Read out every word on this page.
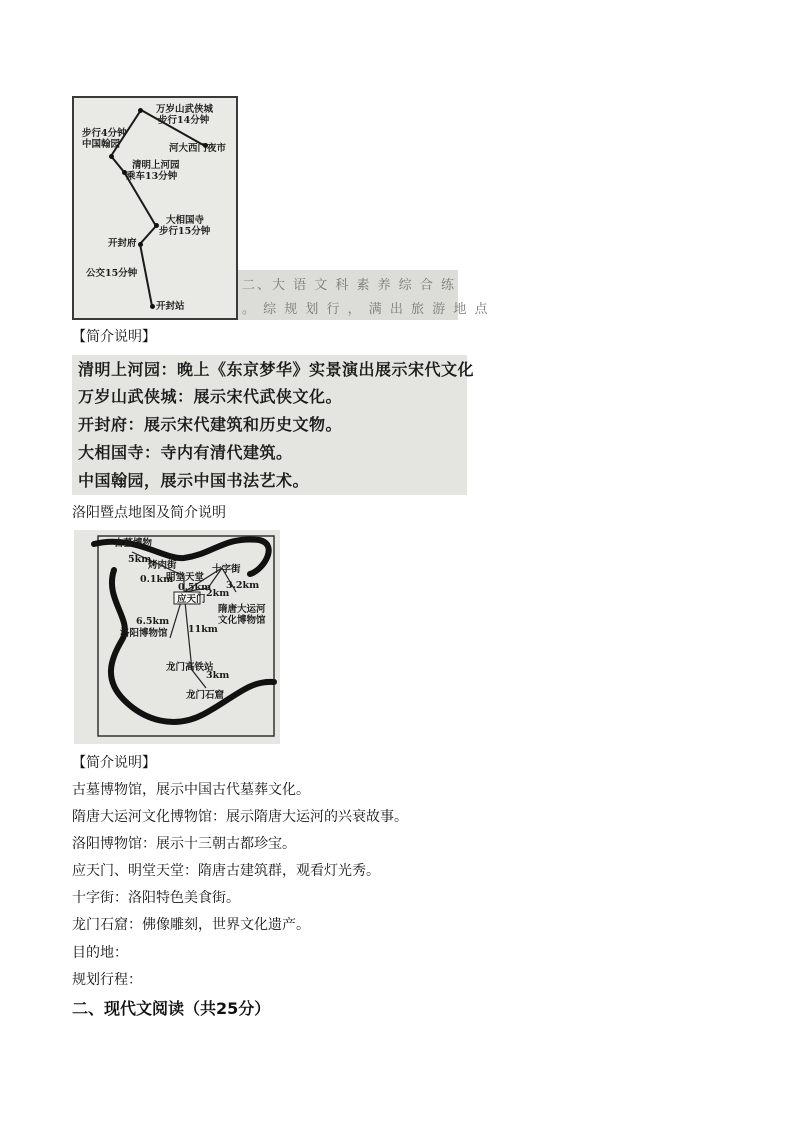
万岁山武侠城
步行14分钟
步行4分钟
中国翰园	河大西门夜市
清明上河园
乘车13分钟
大相国寺
步行15分钟
开封府
公交15分钟
开封站
二、大 语 文 科 素 养 综 合 练
。 综 规 划 行 ， 满 出 旅 游 地 点
【简介说明】
清明上河园：晚上《东京梦华》实景演出展示宋代文化
万岁山武侠城：展示宋代武侠文化。
开封府：展示宋代建筑和历史文物。
大相国寺：寺内有清代建筑。
中国翰园，展示中国书法艺术。
洛阳暨点地图及简介说明
古墓博物
5km
烤肉街
0.1km
明堂天堂
0.5km
十字街
3.2km
2km
应天门
隋唐大运河文化博物馆
6.5km
洛阳博物馆 11km
龙门高铁站
3km
龙门石窟
【简介说明】
古墓博物馆，展示中国古代墓葬文化。
隋唐大运河文化博物馆：展示隋唐大运河的兴衰故事。
洛阳博物馆：展示十三朝古都珍宝。
应天门、明堂天堂：隋唐古建筑群，观看灯光秀。
十字街：洛阳特色美食街。
龙门石窟：佛像雕刻，世界文化遗产。
目的地：
规划行程：
二、现代文阅读（共25分）
